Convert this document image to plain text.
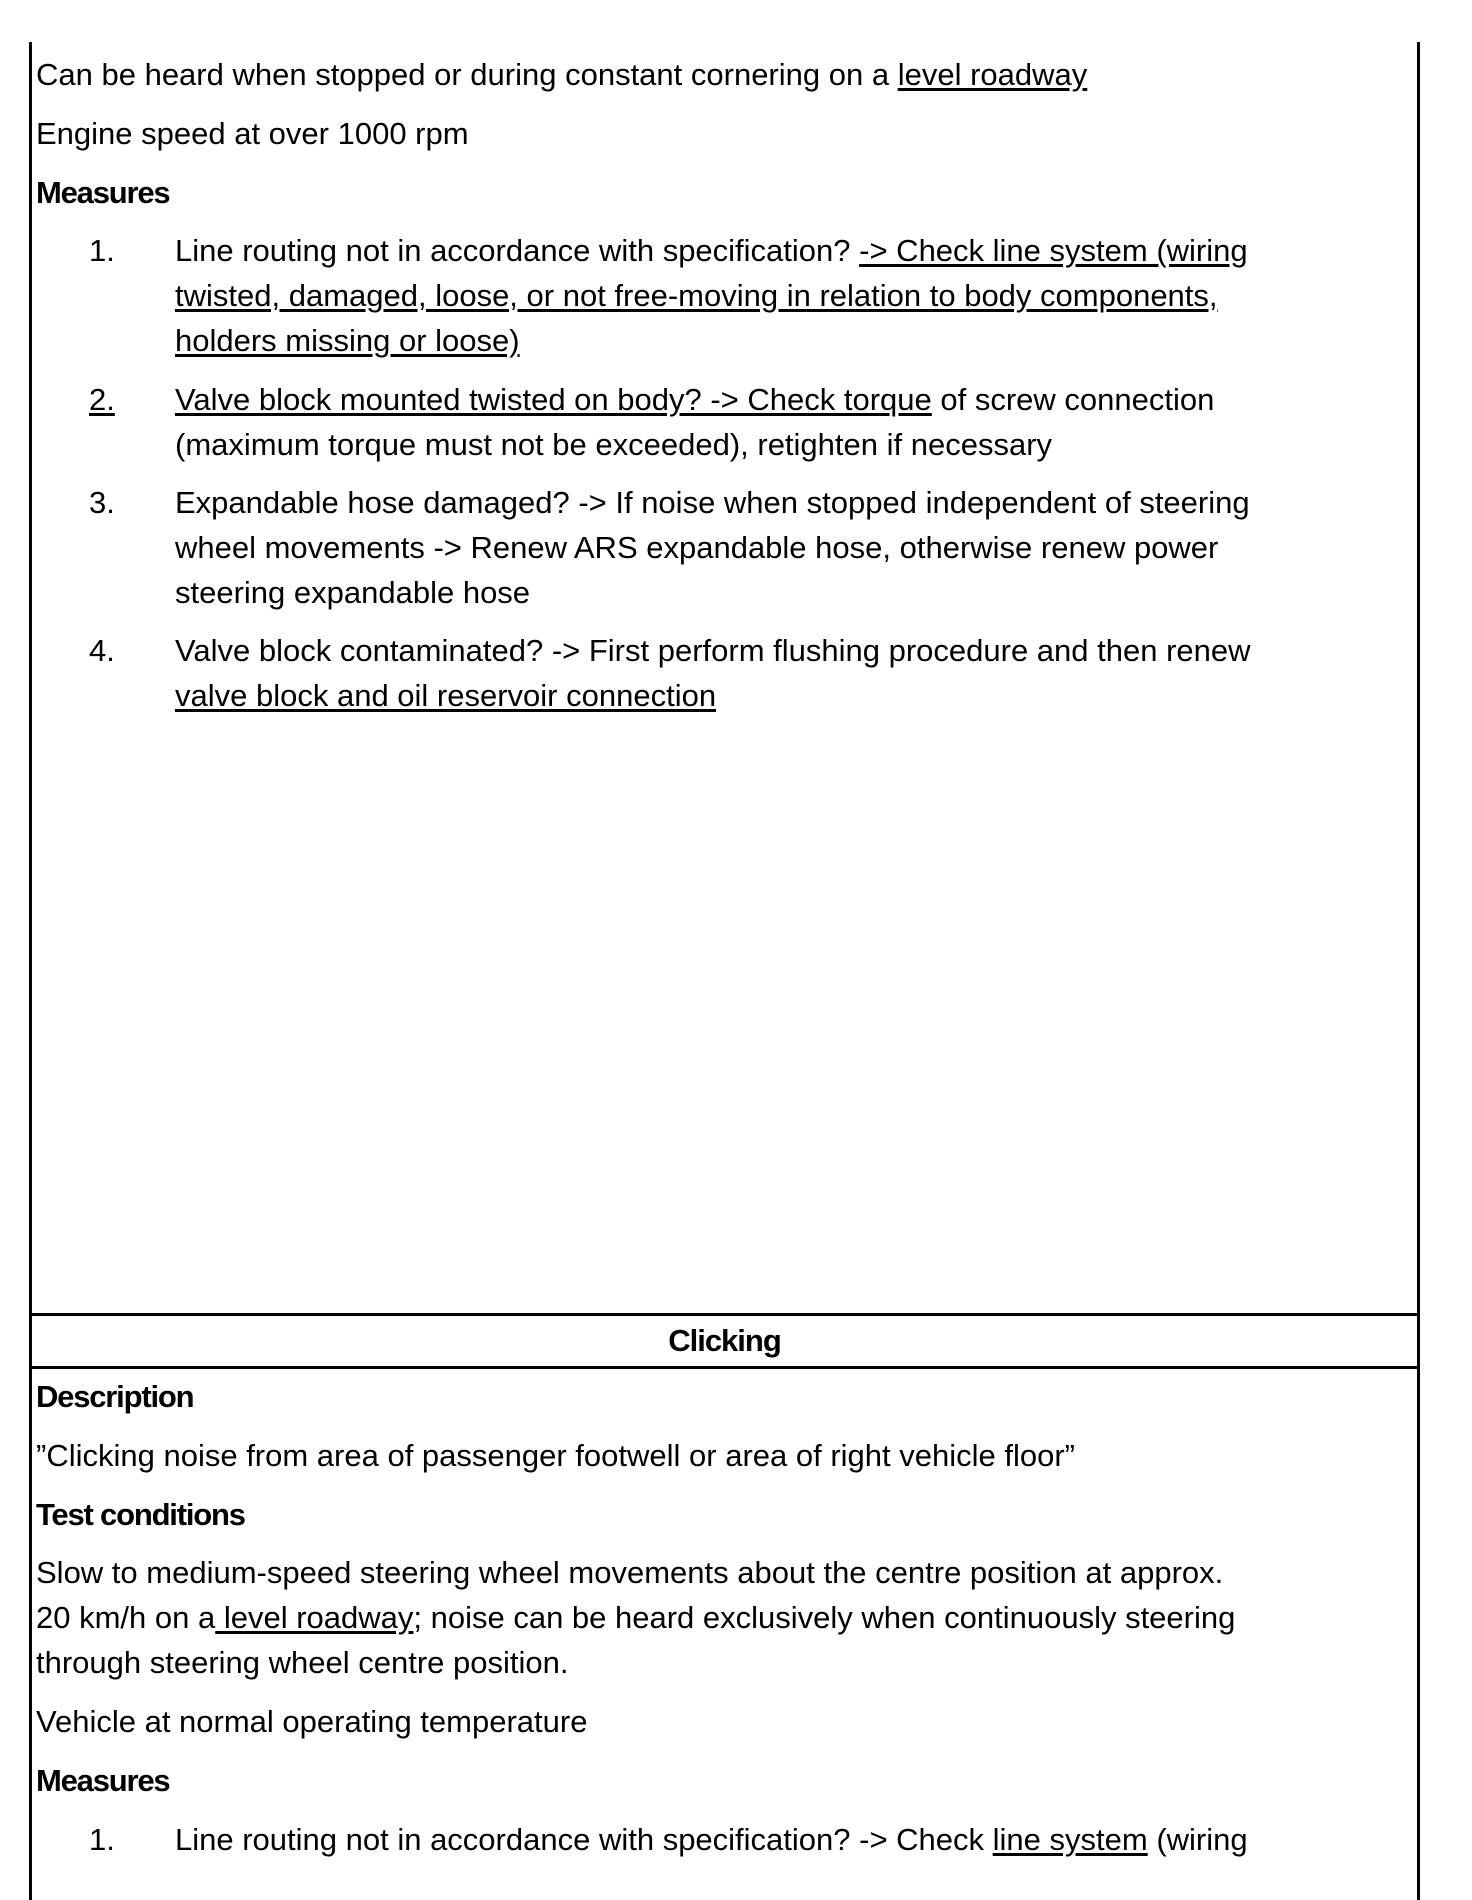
Can be heard when stopped or during constant cornering on a level roadway

Engine speed at over 1000 rpm

Measures

1. Line routing not in accordance with specification? -> Check line system (wiring
twisted, damaged, loose, or not free-moving in relation to body components,
holders missing or loose)
2. Valve block mounted twisted on body? -> Check torque of screw connection
(maximum torque must not be exceeded), retighten if necessary
3. Expandable hose damaged? -> If noise when stopped independent of steering
wheel movements -> Renew ARS expandable hose, otherwise renew power
steering expandable hose
4. Valve block contaminated? -> First perform flushing procedure and then renew
valve block and oil reservoir connection

Clicking

Description

”Clicking noise from area of passenger footwell or area of right vehicle floor”

Test conditions

Slow to medium-speed steering wheel movements about the centre position at approx.

20 km/h on a level roadway; noise can be heard exclusively when continuously steering

through steering wheel centre position.

Vehicle at normal operating temperature

Measures

1. Line routing not in accordance with specification? -> Check line system (wiring
